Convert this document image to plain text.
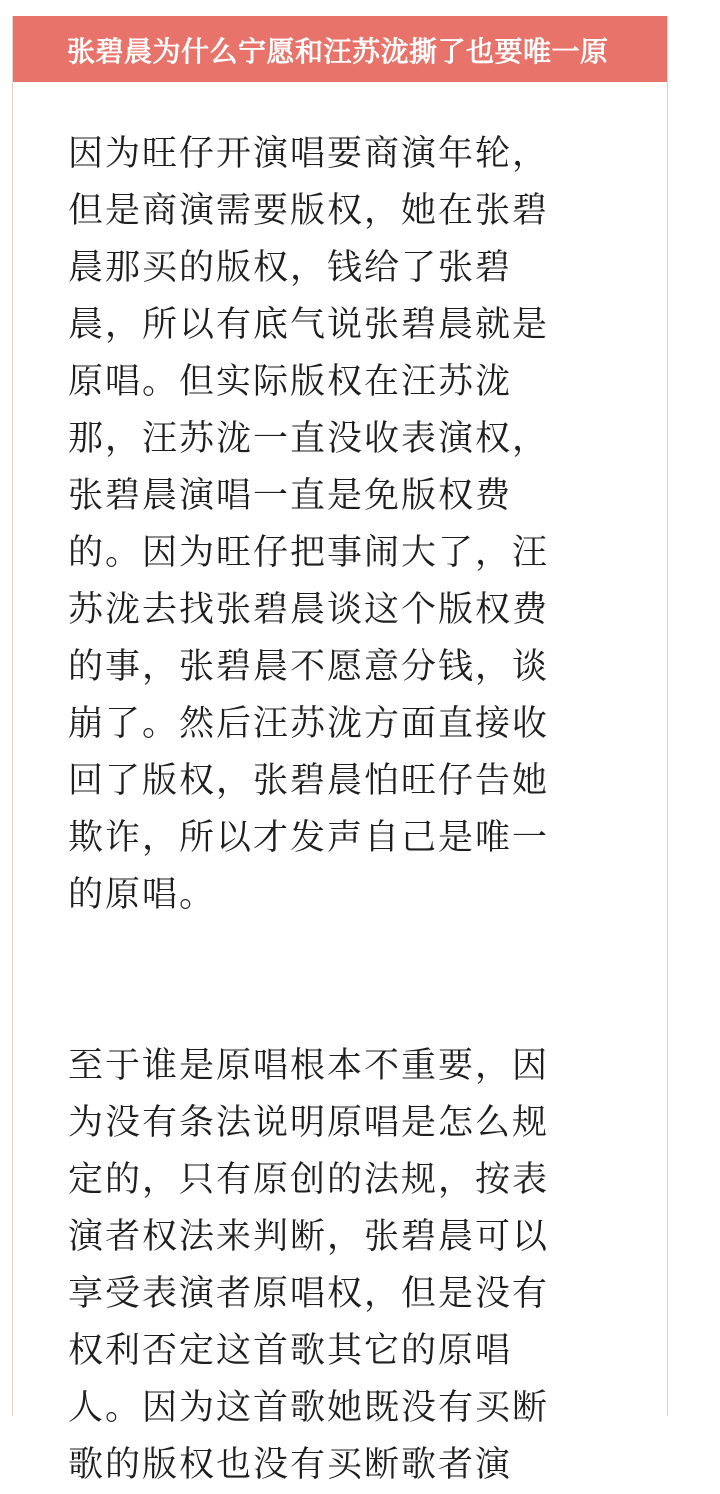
张碧晨为什么宁愿和汪苏泷撕了也要唯一原

因为旺仔开演唱要商演年轮，
但是商演需要版权，她在张碧
晨那买的版权，钱给了张碧
晨，所以有底气说张碧晨就是
原唱。但实际版权在汪苏泷
那，汪苏泷一直没收表演权，
张碧晨演唱一直是免版权费
的。因为旺仔把事闹大了，汪
苏泷去找张碧晨谈这个版权费
的事，张碧晨不愿意分钱，谈
崩了。然后汪苏泷方面直接收
回了版权，张碧晨怕旺仔告她
欺诈，所以才发声自己是唯一
的原唱。

至于谁是原唱根本不重要，因
为没有条法说明原唱是怎么规
定的，只有原创的法规，按表
演者权法来判断，张碧晨可以
享受表演者原唱权，但是没有
权利否定这首歌其它的原唱
人。因为这首歌她既没有买断
歌的版权也没有买断歌者演
